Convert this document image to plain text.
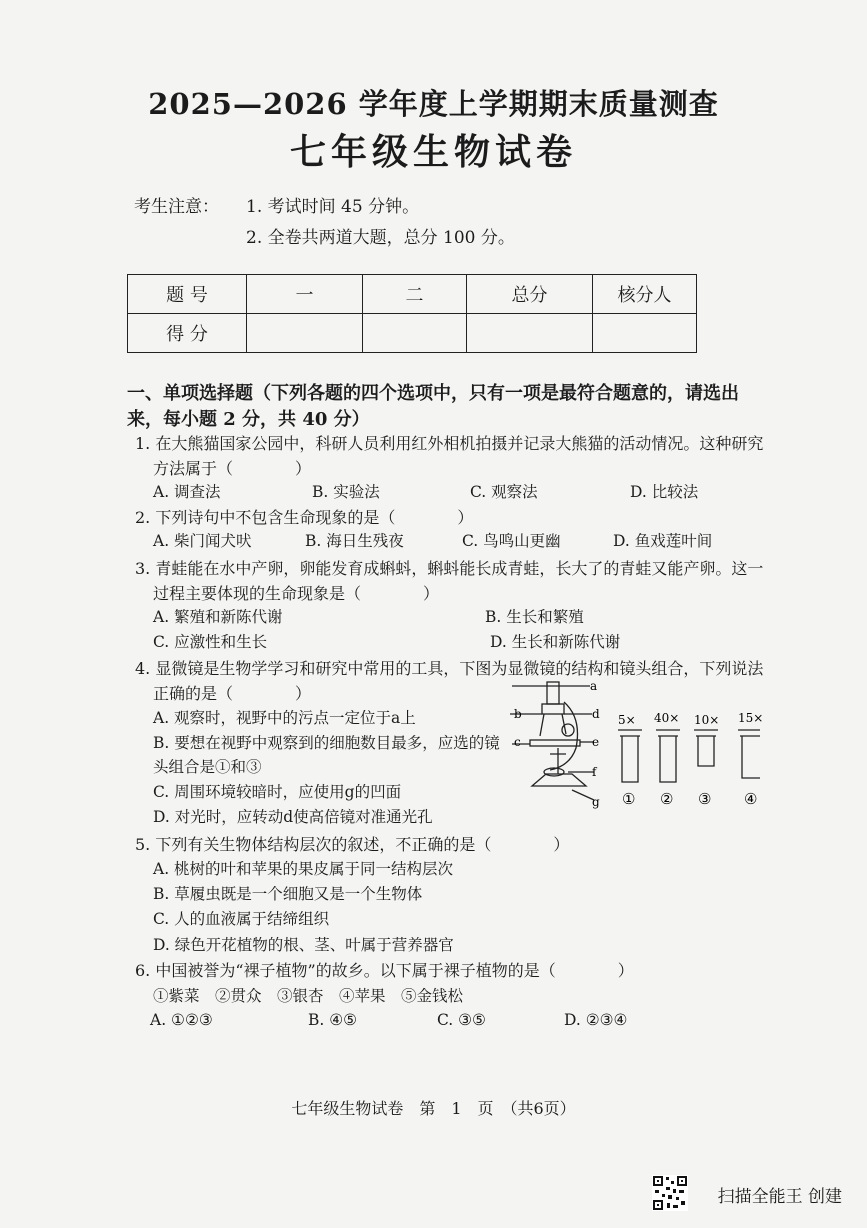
2025—2026 学年度上学期期末质量测查
七年级生物试卷
考生注意： 1. 考试时间 45 分钟。
2. 全卷共两道大题，总分 100 分。
题 号	一	二	总分	核分人
得 分				
一、单项选择题（下列各题的四个选项中，只有一项是最符合题意的，请选出
来，每小题 2 分，共 40 分）
1. 在大熊猫国家公园中，科研人员利用红外相机拍摄并记录大熊猫的活动情况。这种研究
方法属于（	）
A. 调查法	B. 实验法	C. 观察法	D. 比较法
2. 下列诗句中不包含生命现象的是（	）
A. 柴门闻犬吠	B. 海日生残夜	C. 鸟鸣山更幽	D. 鱼戏莲叶间
3. 青蛙能在水中产卵，卵能发育成蝌蚪，蝌蚪能长成青蛙，长大了的青蛙又能产卵。这一
过程主要体现的生命现象是（	）
A. 繁殖和新陈代谢	B. 生长和繁殖
C. 应激性和生长	D. 生长和新陈代谢
4. 显微镜是生物学学习和研究中常用的工具，下图为显微镜的结构和镜头组合，下列说法
正确的是（	）
A. 观察时，视野中的污点一定位于a上
B. 要想在视野中观察到的细胞数目最多，应选的镜
头组合是①和③
C. 周围环境较暗时，应使用g的凹面
D. 对光时，应转动d使高倍镜对准通光孔
a
b
c
d
e
f
g
5× 40× 10× 15×
① ② ③ ④
5. 下列有关生物体结构层次的叙述，不正确的是（	）
A. 桃树的叶和苹果的果皮属于同一结构层次
B. 草履虫既是一个细胞又是一个生物体
C. 人的血液属于结缔组织
D. 绿色开花植物的根、茎、叶属于营养器官
6. 中国被誉为“裸子植物”的故乡。以下属于裸子植物的是（	）
①紫菜　②贯众　③银杏　④苹果　⑤金钱松
A. ①②③	B. ④⑤	C. ③⑤	D. ②③④
七年级生物试卷　第　1　页　（共6页）
扫描全能王 创建
